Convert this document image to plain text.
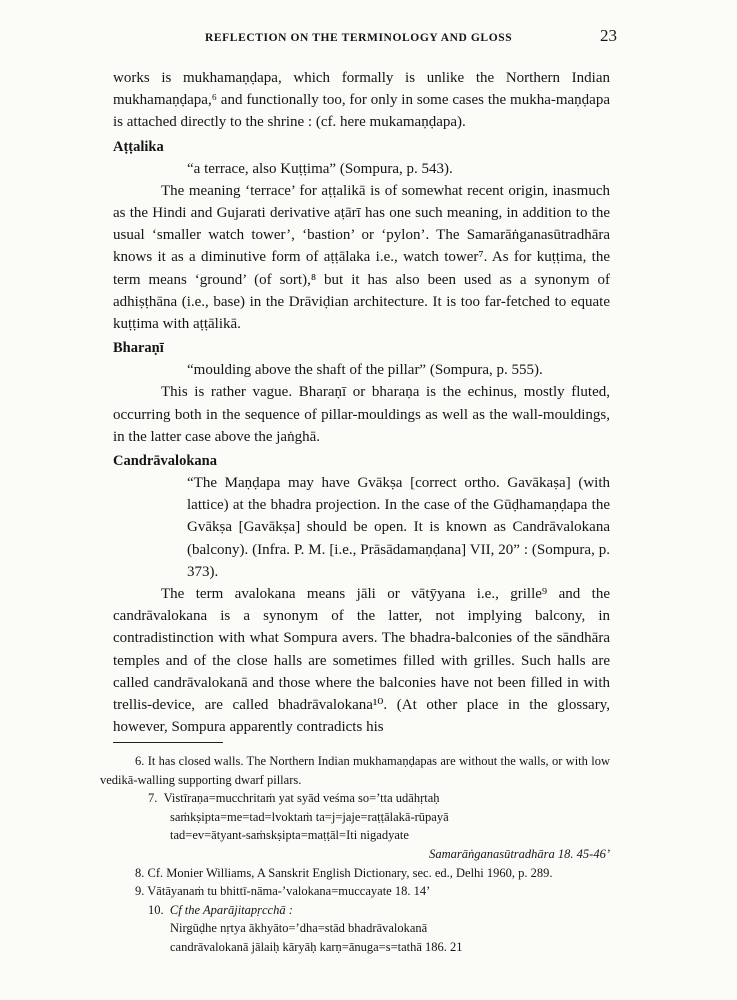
REFLECTION ON THE TERMINOLOGY AND GLOSS	23

works is mukhamaṇḍapa, which formally is unlike the Northern Indian mukhamaṇḍapa,⁶ and functionally too, for only in some cases the mukha-maṇḍapa is attached directly to the shrine : (cf. here mukamaṇḍapa).

Aṭṭalika

“a terrace, also Kuṭṭima” (Sompura, p. 543).

The meaning ‘terrace’ for aṭṭalikā is of somewhat recent origin, inasmuch as the Hindi and Gujarati derivative aṭārī has one such meaning, in addition to the usual ‘smaller watch tower’, ‘bastion’ or ‘pylon’. The Samarāṅganasūtradhāra knows it as a diminutive form of aṭṭālaka i.e., watch tower⁷. As for kuṭṭima, the term means ‘ground’ (of sort),⁸ but it has also been used as a synonym of adhiṣṭhāna (i.e., base) in the Drāviḍian architecture. It is too far-fetched to equate kuṭṭima with aṭṭālikā.

Bharaṇī

“moulding above the shaft of the pillar” (Sompura, p. 555).

This is rather vague. Bharaṇī or bharaṇa is the echinus, mostly fluted, occurring both in the sequence of pillar-mouldings as well as the wall-mouldings, in the latter case above the jaṅghā.

Candrāvalokana

“The Maṇḍapa may have Gvākṣa [correct ortho. Gavākaṣa] (with lattice) at the bhadra projection. In the case of the Gūḍhamaṇḍapa the Gvākṣa [Gavākṣa] should be open. It is known as Candrāvalokana (balcony). (Infra. P. M. [i.e., Prāsādamaṇḍana] VII, 20” : (Sompura, p. 373).

The term avalokana means jāli or vātȳyana i.e., grille⁹ and the candrāvalokana is a synonym of the latter, not implying balcony, in contradistinction with what Sompura avers. The bhadra-balconies of the sāndhāra temples and of the close halls are sometimes filled with grilles. Such halls are called candrāvalokanā and those where the balconies have not been filled in with trellis-device, are called bhadrāvalokana¹⁰. (At other place in the glossary, however, Sompura apparently contradicts his

6. It has closed walls. The Northern Indian mukhamaṇḍapas are without the walls, or with low vedikā-walling supporting dwarf pillars.

7. Vistīraṇa=mucchritaṁ yat syād veśma so=’tta udāhṛtaḥ
saṁkṣipta=me=tad=lvoktaṁ ta=j=jaje=raṭṭālakā-rūpayā
tad=ev=ātyant-saṁskṣipta=maṭṭāl=Iti nigadyate
Samarāṅganasūtradhāra 18. 45-46’

8. Cf. Monier Williams, A Sanskrit English Dictionary, sec. ed., Delhi 1960, p. 289.

9. Vātāyanaṁ tu bhittī-nāma-’valokana=muccayate 18. 14’

10. Cf the Aparājitapṛcchā :
Nirgūḍhe nṛtya ākhyāto=’dha=stād bhadrāvalokanā
candrāvalokanā jālaiḥ kāryāḥ karṇ=ānuga=s=tathā 186. 21
